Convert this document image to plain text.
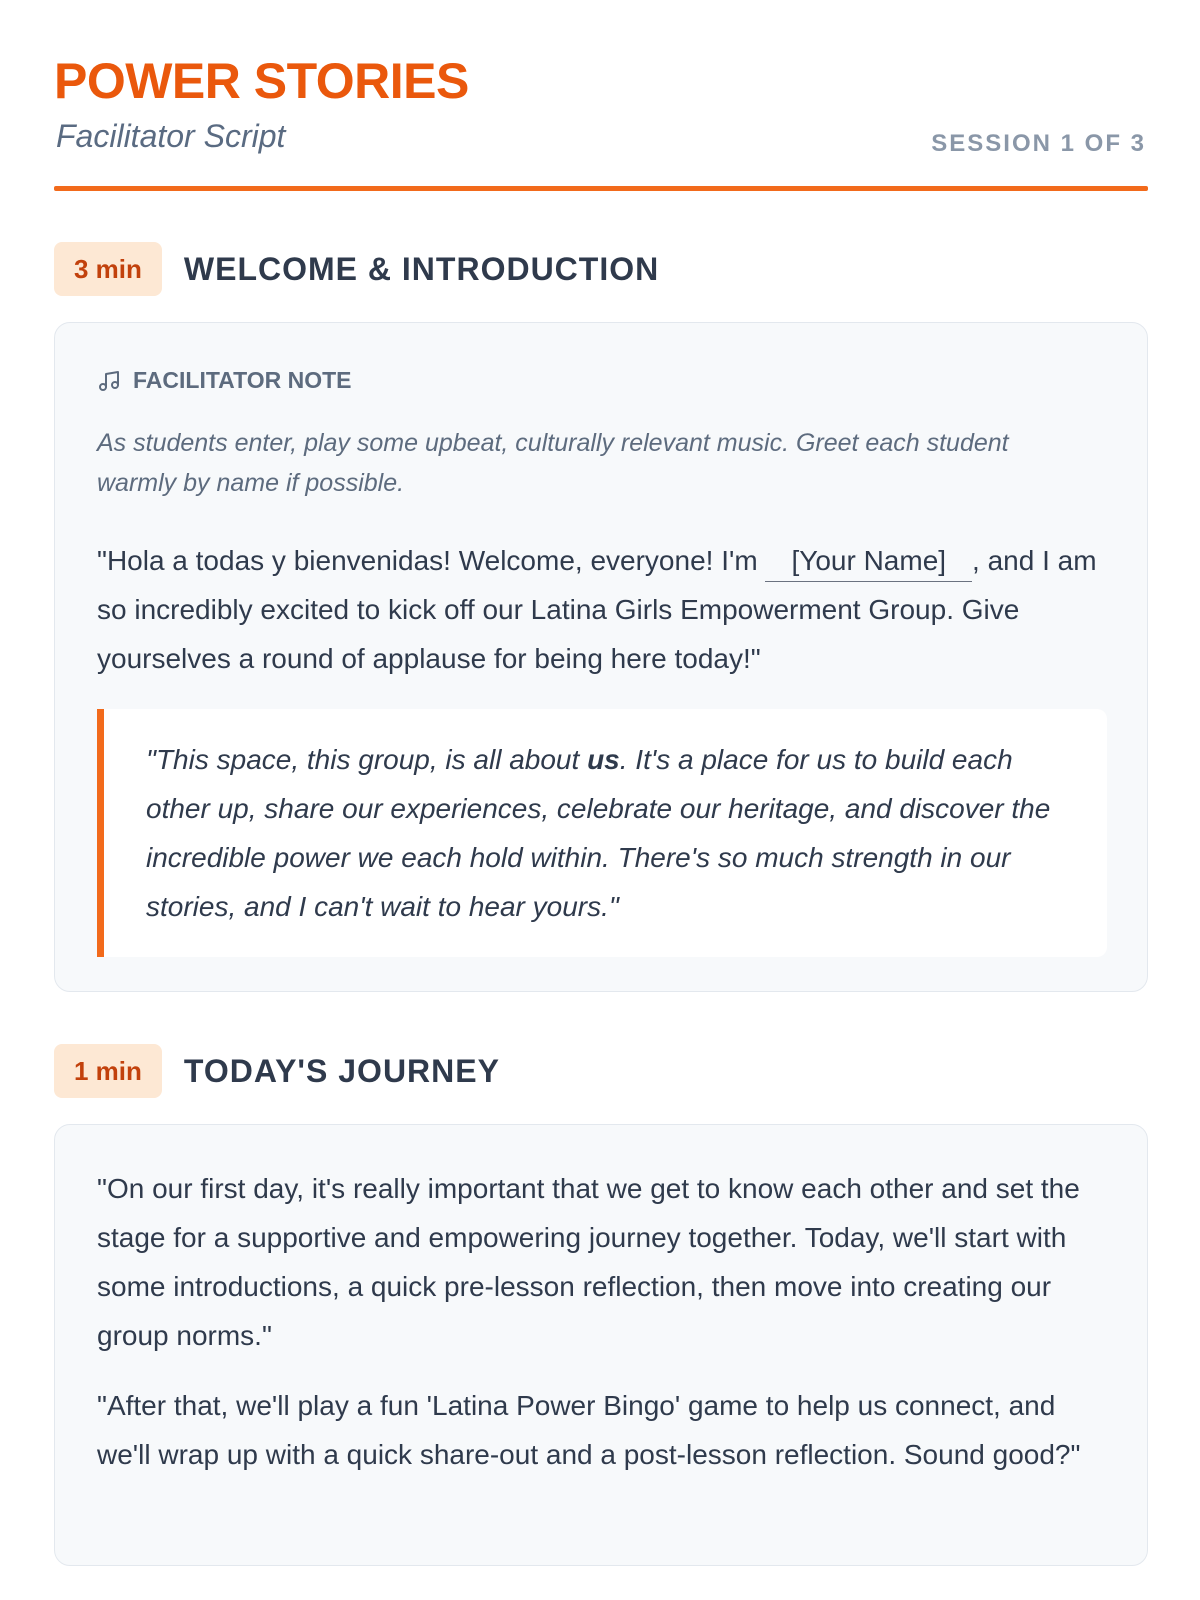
POWER STORIES
Facilitator Script	SESSION 1 OF 3
3 min	WELCOME & INTRODUCTION
FACILITATOR NOTE
As students enter, play some upbeat, culturally relevant music. Greet each student warmly by name if possible.
"Hola a todas y bienvenidas! Welcome, everyone! I'm [Your Name] , and I am so incredibly excited to kick off our Latina Girls Empowerment Group. Give yourselves a round of applause for being here today!"
"This space, this group, is all about us. It's a place for us to build each other up, share our experiences, celebrate our heritage, and discover the incredible power we each hold within. There's so much strength in our stories, and I can't wait to hear yours."
1 min	TODAY'S JOURNEY
"On our first day, it's really important that we get to know each other and set the stage for a supportive and empowering journey together. Today, we'll start with some introductions, a quick pre-lesson reflection, then move into creating our group norms."
"After that, we'll play a fun 'Latina Power Bingo' game to help us connect, and we'll wrap up with a quick share-out and a post-lesson reflection. Sound good?"
